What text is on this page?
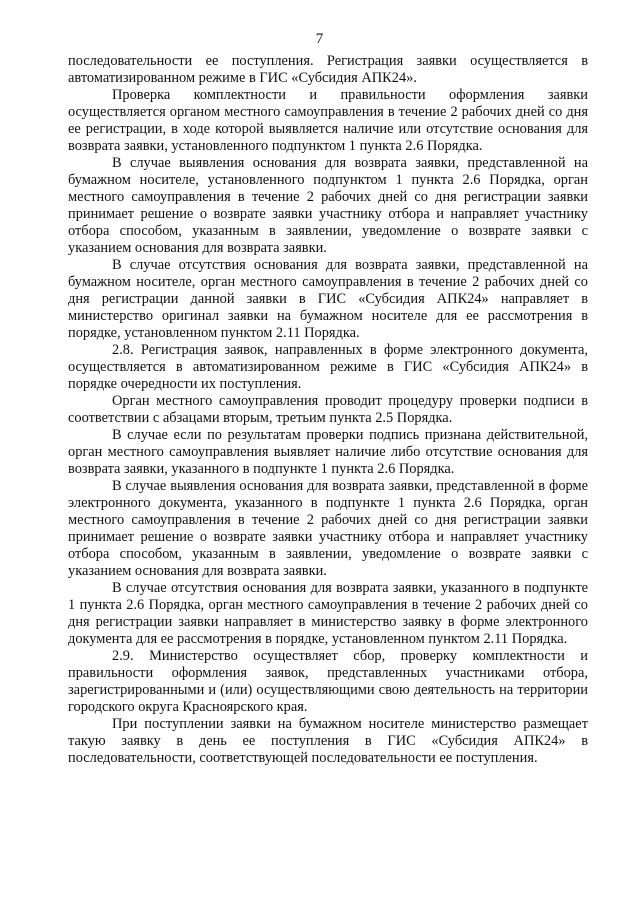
7

последовательности ее поступления. Регистрация заявки осуществляется в автоматизированном режиме в ГИС «Субсидия АПК24».

Проверка комплектности и правильности оформления заявки осуществляется органом местного самоуправления в течение 2 рабочих дней со дня ее регистрации, в ходе которой выявляется наличие или отсутствие основания для возврата заявки, установленного подпунктом 1 пункта 2.6 Порядка.

В случае выявления основания для возврата заявки, представленной на бумажном носителе, установленного подпунктом 1 пункта 2.6 Порядка, орган местного самоуправления в течение 2 рабочих дней со дня регистрации заявки принимает решение о возврате заявки участнику отбора и направляет участнику отбора способом, указанным в заявлении, уведомление о возврате заявки с указанием основания для возврата заявки.

В случае отсутствия основания для возврата заявки, представленной на бумажном носителе, орган местного самоуправления в течение 2 рабочих дней со дня регистрации данной заявки в ГИС «Субсидия АПК24» направляет в министерство оригинал заявки на бумажном носителе для ее рассмотрения в порядке, установленном пунктом 2.11 Порядка.

2.8. Регистрация заявок, направленных в форме электронного документа, осуществляется в автоматизированном режиме в ГИС «Субсидия АПК24» в порядке очередности их поступления.

Орган местного самоуправления проводит процедуру проверки подписи в соответствии с абзацами вторым, третьим пункта 2.5 Порядка.

В случае если по результатам проверки подпись признана действительной, орган местного самоуправления выявляет наличие либо отсутствие основания для возврата заявки, указанного в подпункте 1 пункта 2.6 Порядка.

В случае выявления основания для возврата заявки, представленной в форме электронного документа, указанного в подпункте 1 пункта 2.6 Порядка, орган местного самоуправления в течение 2 рабочих дней со дня регистрации заявки принимает решение о возврате заявки участнику отбора и направляет участнику отбора способом, указанным в заявлении, уведомление о возврате заявки с указанием основания для возврата заявки.

В случае отсутствия основания для возврата заявки, указанного в подпункте 1 пункта 2.6 Порядка, орган местного самоуправления в течение 2 рабочих дней со дня регистрации заявки направляет в министерство заявку в форме электронного документа для ее рассмотрения в порядке, установленном пунктом 2.11 Порядка.

2.9. Министерство осуществляет сбор, проверку комплектности и правильности оформления заявок, представленных участниками отбора, зарегистрированными и (или) осуществляющими свою деятельность на территории городского округа Красноярского края.

При поступлении заявки на бумажном носителе министерство размещает такую заявку в день ее поступления в ГИС «Субсидия АПК24» в последовательности, соответствующей последовательности ее поступления.
